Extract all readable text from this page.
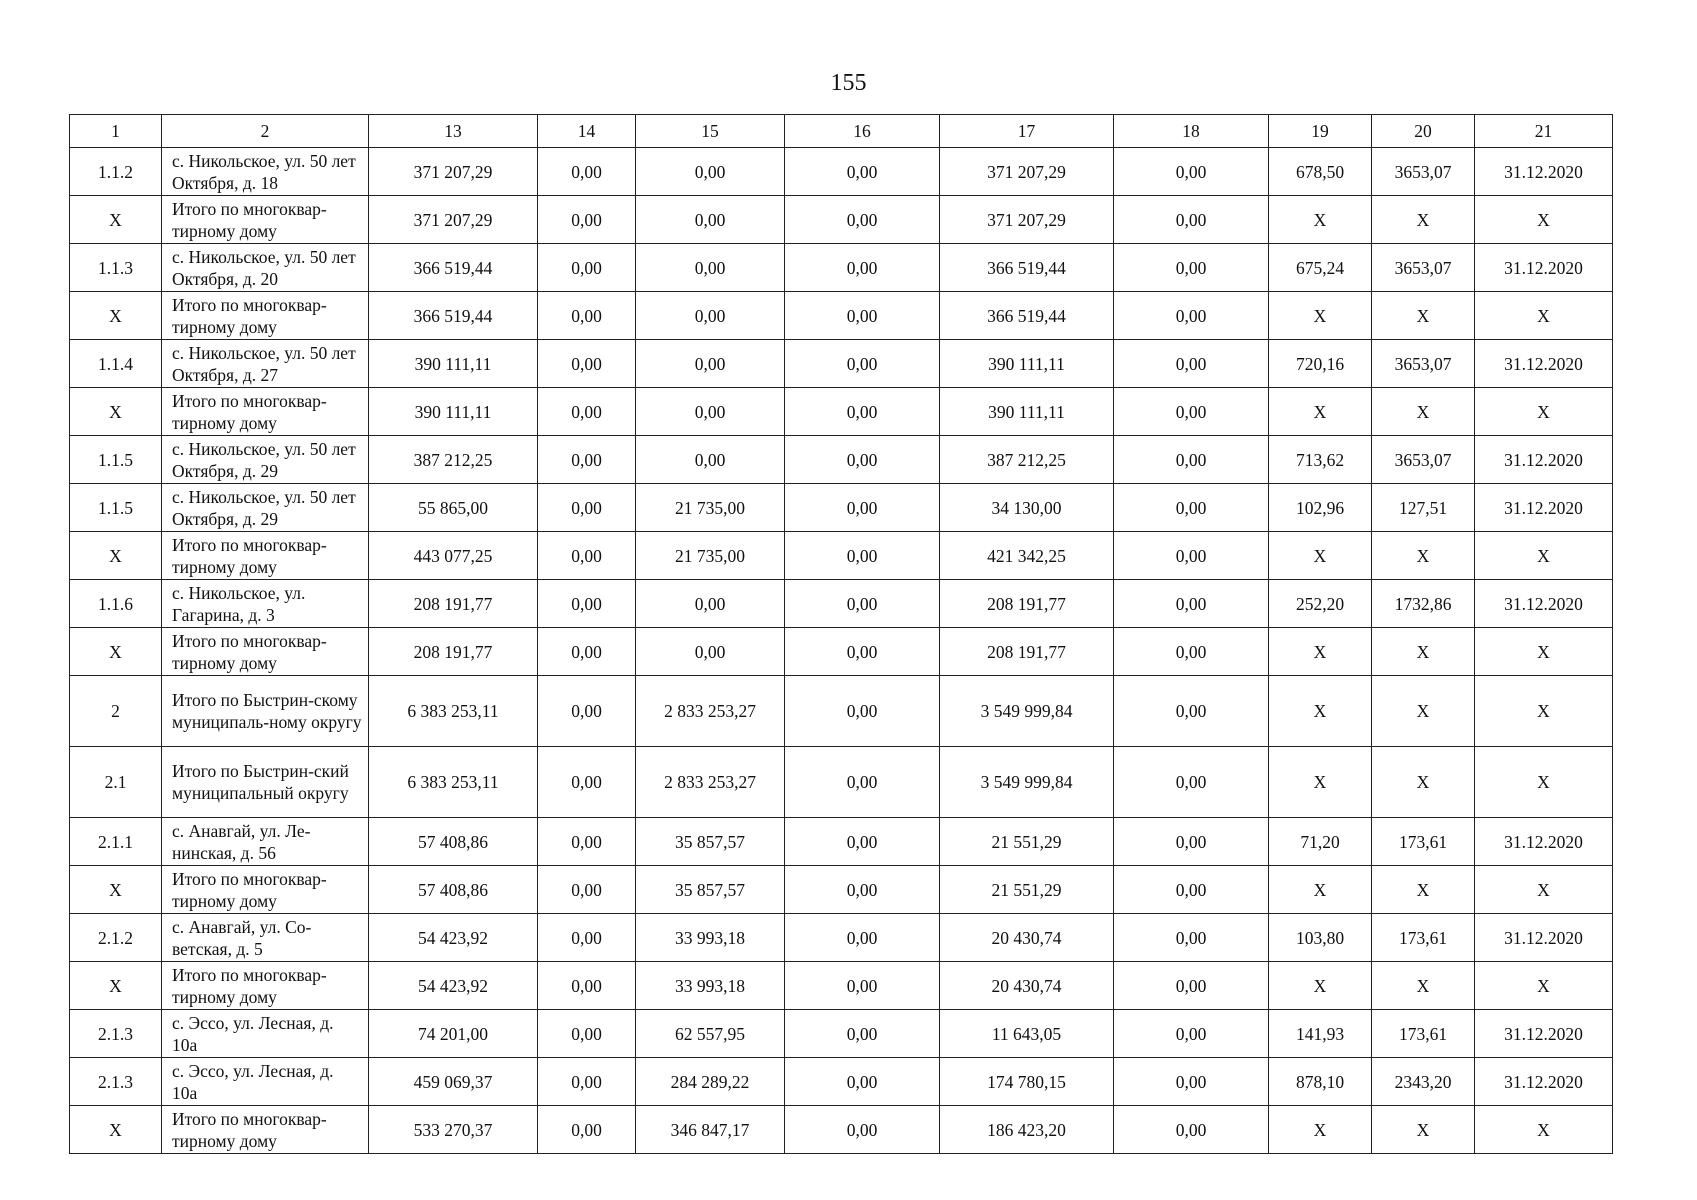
155
1	2	13	14	15	16	17	18	19	20	21
1.1.2	с. Никольское, ул. 50 лет Октября, д. 18	371 207,29	0,00	0,00	0,00	371 207,29	0,00	678,50	3653,07	31.12.2020
Х	Итого по многоквар-тирному дому	371 207,29	0,00	0,00	0,00	371 207,29	0,00	Х	Х	Х
1.1.3	с. Никольское, ул. 50 лет Октября, д. 20	366 519,44	0,00	0,00	0,00	366 519,44	0,00	675,24	3653,07	31.12.2020
Х	Итого по многоквар-тирному дому	366 519,44	0,00	0,00	0,00	366 519,44	0,00	Х	Х	Х
1.1.4	с. Никольское, ул. 50 лет Октября, д. 27	390 111,11	0,00	0,00	0,00	390 111,11	0,00	720,16	3653,07	31.12.2020
Х	Итого по многоквар-тирному дому	390 111,11	0,00	0,00	0,00	390 111,11	0,00	Х	Х	Х
1.1.5	с. Никольское, ул. 50 лет Октября, д. 29	387 212,25	0,00	0,00	0,00	387 212,25	0,00	713,62	3653,07	31.12.2020
1.1.5	с. Никольское, ул. 50 лет Октября, д. 29	55 865,00	0,00	21 735,00	0,00	34 130,00	0,00	102,96	127,51	31.12.2020
Х	Итого по многоквар-тирному дому	443 077,25	0,00	21 735,00	0,00	421 342,25	0,00	Х	Х	Х
1.1.6	с. Никольское, ул. Гагарина, д. 3	208 191,77	0,00	0,00	0,00	208 191,77	0,00	252,20	1732,86	31.12.2020
Х	Итого по многоквар-тирному дому	208 191,77	0,00	0,00	0,00	208 191,77	0,00	Х	Х	Х
2	Итого по Быстрин-скому муниципаль-ному округу	6 383 253,11	0,00	2 833 253,27	0,00	3 549 999,84	0,00	Х	Х	Х
2.1	Итого по Быстрин-ский муниципальный округу	6 383 253,11	0,00	2 833 253,27	0,00	3 549 999,84	0,00	Х	Х	Х
2.1.1	с. Анавгай, ул. Ле-нинская, д. 56	57 408,86	0,00	35 857,57	0,00	21 551,29	0,00	71,20	173,61	31.12.2020
Х	Итого по многоквар-тирному дому	57 408,86	0,00	35 857,57	0,00	21 551,29	0,00	Х	Х	Х
2.1.2	с. Анавгай, ул. Со-ветская, д. 5	54 423,92	0,00	33 993,18	0,00	20 430,74	0,00	103,80	173,61	31.12.2020
Х	Итого по многоквар-тирному дому	54 423,92	0,00	33 993,18	0,00	20 430,74	0,00	Х	Х	Х
2.1.3	с. Эссо, ул. Лесная, д. 10а	74 201,00	0,00	62 557,95	0,00	11 643,05	0,00	141,93	173,61	31.12.2020
2.1.3	с. Эссо, ул. Лесная, д. 10а	459 069,37	0,00	284 289,22	0,00	174 780,15	0,00	878,10	2343,20	31.12.2020
Х	Итого по многоквар-тирному дому	533 270,37	0,00	346 847,17	0,00	186 423,20	0,00	Х	Х	Х
